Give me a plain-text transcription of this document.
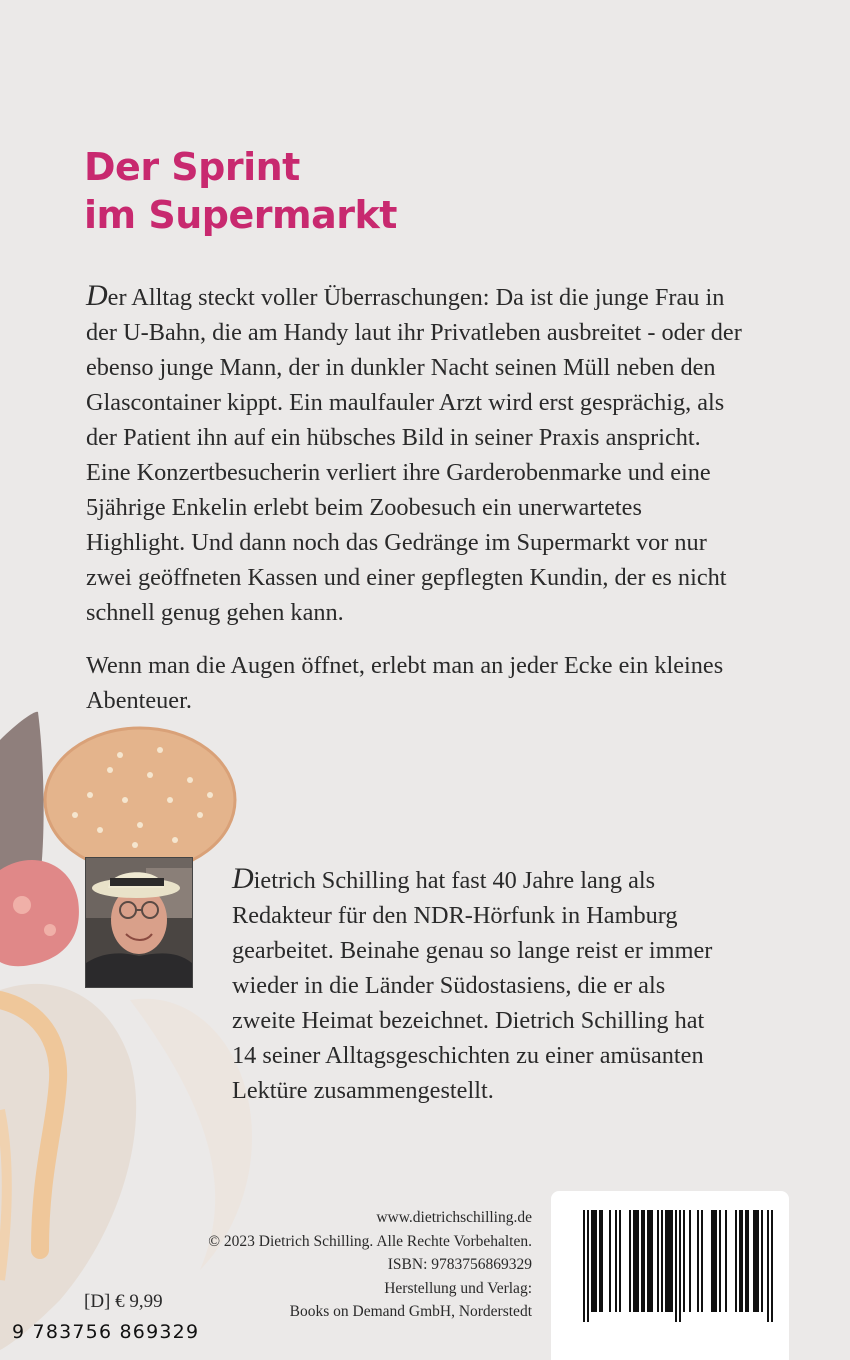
Der Sprint
im Supermarkt

Der Alltag steckt voller Überraschungen: Da ist die junge Frau in der U-Bahn, die am Handy laut ihr Privatleben ausbreitet - oder der ebenso junge Mann, der in dunkler Nacht seinen Müll neben den Glascontainer kippt. Ein maulfauler Arzt wird erst gesprächig, als der Patient ihn auf ein hübsches Bild in seiner Praxis anspricht. Eine Konzertbesucherin verliert ihre Garderobenmarke und eine 5jährige Enkelin erlebt beim Zoobesuch ein unerwartetes Highlight. Und dann noch das Gedränge im Supermarkt vor nur zwei geöffneten Kassen und einer gepflegten Kundin, der es nicht schnell genug gehen kann.

Wenn man die Augen öffnet, erlebt man an jeder Ecke ein kleines Abenteuer.

Dietrich Schilling hat fast 40 Jahre lang als Redakteur für den NDR-Hörfunk in Hamburg gearbeitet. Beinahe genau so lange reist er immer wieder in die Länder Südostasiens, die er als zweite Heimat bezeichnet. Dietrich Schilling hat 14 seiner Alltagsgeschichten zu einer amüsanten Lektüre zusammengestellt.

www.dietrichschilling.de
© 2023 Dietrich Schilling. Alle Rechte Vorbehalten.
ISBN: 9783756869329
Herstellung und Verlag:
Books on Demand GmbH, Norderstedt
[D] € 9,99
9 783756 869329
